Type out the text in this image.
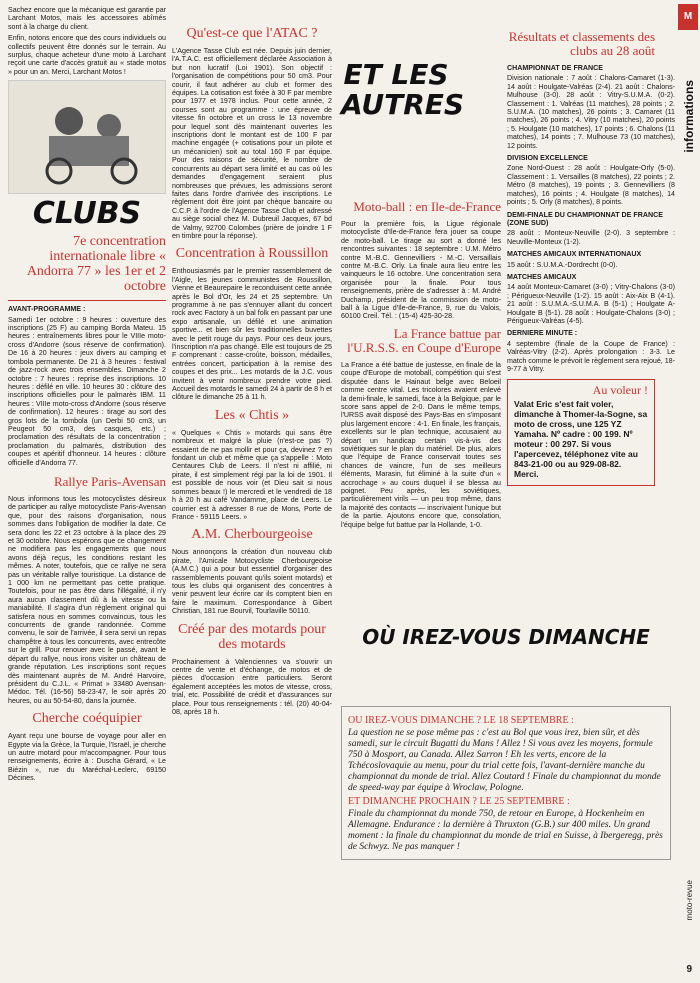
Sachez encore que la mécanique est garantie par Larchant Motos, mais les accessoires abîmés sont à la charge du client.

Enfin, notons encore que des cours individuels ou collectifs peuvent être donnés sur le terrain. Au surplus, chaque acheteur d'une moto à Larchant reçoit une carte d'accès gratuit au « stade motos » pour un an. Merci, Larchant Motos !

CLUBS
7e concentration internationale libre « Andorra 77 » les 1er et 2 octobre
AVANT-PROGRAMME :

Samedi 1er octobre : 9 heures : ouverture des inscriptions (25 F) au camping Borda Mateu. 15 heures : entraînements libres pour le VIIIe moto-cross d'Andorre (sous réserve de confirmation). De 16 à 20 heures : jeux divers au camping et tombola permanente. De 21 à 3 heures : festival de jazz-rock avec trois ensembles. Dimanche 2 octobre : 7 heures : reprise des inscriptions. 10 heures : défilé en ville. 10 heures 30 : clôture des inscriptions officielles pour le palmarès IBM. 11 heures : VIIIe moto-cross d'Andorre (sous réserve de confirmation). 12 heures : tirage au sort des gros lots de la tombola (un Derbi 50 cm3, un Peugeot 50 cm3, des casques, etc.) ; proclamation des résultats de la concentration ; proclamation du palmarès, distribution des coupes et apéritif d'honneur. 14 heures : clôture officielle d'Andorra 77.

Rallye Paris-Avensan

Nous informons tous les motocyclistes désireux de participer au rallye motocycliste Paris-Avensan que, pour des raisons d'organisation, nous sommes dans l'obligation de modifier la date. Ce sera donc les 22 et 23 octobre à la place des 29 et 30 octobre. Nous espérons que ce changement ne modifiera pas les engagements que nous avons déjà reçus, les conditions restant les mêmes. A noter, toutefois, que ce rallye ne sera pas un véritable rallye touristique. La distance de 1 000 km ne permettant pas cette pratique. Toutefois, pour ne pas être dans l'illégalité, il n'y aura aucun classement dû à la vitesse ou la maniabilité. Il s'agira d'un règlement original qui satisfera nous en sommes convaincus, tous les concurrents de grande randonnée. Comme convenu, le soir de l'arrivée, il sera servi un repas champêtre à tous les concurrents, avec entrecôte sur le grill. Pour renouer avec le passé, avant le départ du rallye, nous irons visiter un château de grande réputation. Les inscriptions sont reçues dès maintenant auprès de M. André Harvoire, président du C.J.L. « Primat » 33480 Avensan-Médoc. Tél. (16-56) 58-23-47, le soir après 20 heures, ou au 50-54-80, dans la journée.

Cherche coéquipier

Ayant reçu une bourse de voyage pour aller en Egypte via la Grèce, la Turquie, l'Israël, je cherche un autre motard pour m'accompagner. Pour tous renseignements, écrire à : Duscha Gérard, « Le Biézin », rue du Maréchal-Leclerc, 69150 Décines.

Qu'est-ce que l'ATAC ?

L'Agence Tasse Club est née. Depuis juin dernier, l'A.T.A.C. est officiellement déclarée Association à but non lucratif (Loi 1901). Son objectif : l'organisation de compétitions pour 50 cm3. Pour courir, il faut adhérer au club et former des équipes. La cotisation est fixée à 30 F par membre pour 1977 et 1978 inclus. Pour cette année, 2 courses sont au programme : une épreuve de vitesse fin octobre et un cross le 13 novembre pour lequel sont dès maintenant ouvertes les inscriptions dont le montant est de 100 F par machine engagée (+ cotisations pour un pilote et un mécanicien) soit au total 160 F par équipe. Pour des raisons de sécurité, le nombre de concurrents au départ sera limité et au cas où les demandes d'engagement seraient plus nombreuses que prévues, les admissions seront faites dans l'ordre d'arrivée des inscriptions. Le règlement doit être joint par chèque bancaire ou C.C.P. à l'ordre de l'Agence Tasse Club et adressé au siège social chez M. Dubreuil Jacques, 67 bd de Valmy, 92700 Colombes (prière de joindre 1 F en timbre pour la réponse).

Concentration à Roussillon

Enthousiasmés par le premier rassemblement de l'Aigle, les jeunes communistes de Roussillon, Vienne et Beaurepaire le reconduisent cette année après le Bol d'Or, les 24 et 25 septembre. Un programme à ne pas s'ennuyer allant du concert rock avec Factory à un bal folk en passant par une expo artisanale, un défilé et une animation sportive... et bien sûr les traditionnelles buvettes avec le petit rouge du pays. Pour ces deux jours, l'inscription n'a pas changé. Elle est toujours de 25 F comprenant : casse-croûte, boisson, médailles, entrées concert, participation à la remise des coupes et des prix... Les motards de la J.C. vous invitent à venir nombreux prendre votre pied. Accueil des motards le samedi 24 à partir de 8 h et clôture le dimanche 25 à 11 h.

Les « Chtis »

« Quelques « Chtis » motards qui sans être nombreux et malgré la pluie (n'est-ce pas ?) essaient de ne pas mollir et pour ça, devinez ? en fondant un club et même que ça s'appelle : Moto Centaures Club de Leers. Il n'est ni affilié, ni pirate, il est simplement régi par la loi de 1901. Il est possible de nous voir (et Dieu sait si nous sommes beaux !) le mercredi et le vendredi de 18 h à 20 h au café Vandamme, place de Leers. Le courrier est à adresser 8 rue de Mons, Porte de France - 59115 Leers. »

A.M. Cherbourgeoise

Nous annonçons la création d'un nouveau club pirate, l'Amicale Motocycliste Cherbourgeoise (A.M.C.) qui a pour but essentiel d'organiser des rassemblements pouvant qu'ils soient motards) et tous les clubs qui organisent des concentres à venir peuvent leur écrire car ils comptent bien en faire le maximum. Correspondance à Gibert Christian, 181 rue Bourvil, Tourlaville 50110.

Créé par des motards pour des motards

Prochainement à Valenciennes va s'ouvrir un centre de vente et d'échange, de motos et de pièces d'occasion entre particuliers. Seront également acceptées les motos de vitesse, cross, trial, etc. Possibilité de crédit et d'assurances sur place. Pour tous renseignements : tél. (20) 40-04-08, après 18 h.

ET LES AUTRES
Moto-ball : en Ile-de-France

Pour la première fois, la Ligue régionale motocycliste d'Ile-de-France fera jouer sa coupe de moto-ball. Le tirage au sort a donné les rencontres suivantes : 18 septembre : U.M. Métro contre M.-B.C. Gennevilliers - M.-C. Versaillais contre M.-B.C. Orly. La finale aura lieu entre les vainqueurs le 16 octobre. Une concentration sera organisée pour la finale. Pour tous renseignements, prière de s'adresser à : M. André Duchamp, président de la commission de moto-ball à la Ligue d'Ile-de-France, 9, rue du Valois, 60100 Creil. Tél. : (15-4) 425-30-28.

La France battue par l'U.R.S.S. en Coupe d'Europe

La France a été battue de justesse, en finale de la coupe d'Europe de motoball, compétition qui s'est disputée dans le Hainaut belge avec Beloeil comme centre vital. Les tricolores avaient enlevé la demi-finale, le samedi, face à la Belgique, par le score sans appel de 2-0. Dans le même temps, l'URSS avait disposé des Pays-Bas en s'imposant plus largement encore : 4-1. En finale, les français, excellents sur le plan technique, accusaient au départ un handicap certain vis-à-vis des soviétiques sur le plan du matériel. De plus, alors que l'équipe de France conservait toutes ses chances de vaincre, l'un de ses meilleurs éléments, Marasin, fut éliminé à la suite d'un « accrochage » au cours duquel il se blessa au poignet. Peu après, les soviétiques, particulièrement virils — un peu trop même, dans la majorité des contacts — inscrivaient l'unique but de la partie. Ajoutons encore que, consolation, l'équipe belge fut battue par la Hollande, 1-0.

Résultats et classements des clubs au 28 août
CHAMPIONNAT DE FRANCE

Division nationale : 7 août : Chalons-Camaret (1-3). 14 août : Houlgate-Valréas (2-4). 21 août : Chalons-Mulhouse (3-0). 28 août : Vitry-S.U.M.A. (0-2). Classement : 1. Valréas (11 matches), 28 points ; 2. S.U.M.A. (10 matches), 26 points ; 3. Camaret (11 matches), 26 points ; 4. Vitry (10 matches), 20 points ; 5. Houlgate (10 matches), 17 points ; 6. Chalons (11 matches), 14 points ; 7. Mulhouse 73 (10 matches), 12 points.

DIVISION EXCELLENCE

Zone Nord-Ouest : 28 août : Houlgate-Orly (5-0). Classement : 1. Versailles (8 matches), 22 points ; 2. Métro (8 matches), 19 points ; 3. Gennevilliers (8 matches), 16 points ; 4. Houlgate (8 matches), 14 points ; 5. Orly (8 matches), 8 points.

DEMI-FINALE DU CHAMPIONNAT DE FRANCE (ZONE SUD)

28 août : Monteux-Neuville (2-0). 3 septembre : Neuville-Monteux (1-2).

MATCHES AMICAUX INTERNATIONAUX

15 août : S.U.M.A.-Dordrecht (0-0).

MATCHES AMICAUX

14 août Monteux-Camaret (3-0) ; Vitry-Chalons (3-0) ; Périgueux-Neuville (1-2). 15 août : Aix-Aix B (4-1). 21 août : S.U.M.A.-S.U.M.A. B (5-1) ; Houlgate A-Houlgate B (5-1). 28 août : Houlgate-Chalons (3-0) ; Périgueux-Valréas (4-5).

DERNIERE MINUTE :

4 septembre (finale de la Coupe de France) : Valréas-Vitry (2-2). Après prolongation : 3-3. Le match comme le prévoit le règlement sera rejoué, 18-9-77 à Vitry.

Au voleur !
Valat Eric s'est fait voler, dimanche à Thomer-la-Sogne, sa moto de cross, une 125 YZ Yamaha. Nº cadre : 00 199. Nº moteur : 00 297. Si vous l'apercevez, téléphonez vite au 843-21-00 ou au 929-08-82. Merci.
OÙ IREZ-VOUS DIMANCHE
OU IREZ-VOUS DIMANCHE ? LE 18 SEPTEMBRE :
La question ne se pose même pas : c'est au Bol que vous irez, bien sûr, et dès samedi, sur le circuit Bugatti du Mans ! Allez ! Si vous avez les moyens, formule 750 à Mosport, au Canada. Allez Sarron ! Eh les verts, encore de la Tchécoslovaquie au menu, pour du trial cette fois, l'avant-dernière manche du championnat du monde de trial. Allez Coutard ! Finale du championnat du monde de speed-way par équipe à Wroclaw, Pologne.
ET DIMANCHE PROCHAIN ? LE 25 SEPTEMBRE :
Finale du championnat du monde 750, de retour en Europe, à Hockenheim en Allemagne. Endurance : la dernière à Thruxton (G.B.) sur 400 miles. Un grand moment : la finale du championnat du monde de trial en Suisse, à Ibergeregg, près de Schwyz. Ne pas manquer !
M
informations
moto-revue
9
